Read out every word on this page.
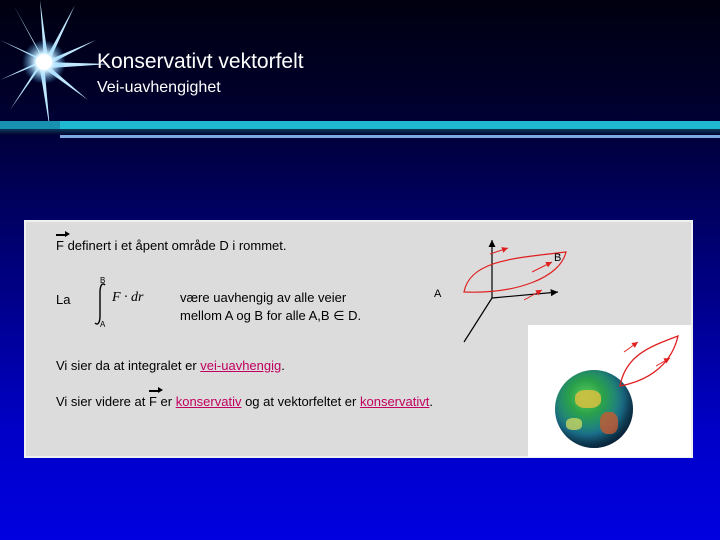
Konservativt vektorfelt
Vei-uavhengighet
F definert i et åpent område D i rommet.
La
B
A
F · dr	være uavhengig av alle veier
mellom A og B for alle A,B ∈ D.
A
B
Vi sier da at integralet er vei-uavhengig.
Vi sier videre at F er konservativ og at vektorfeltet er konservativt.
